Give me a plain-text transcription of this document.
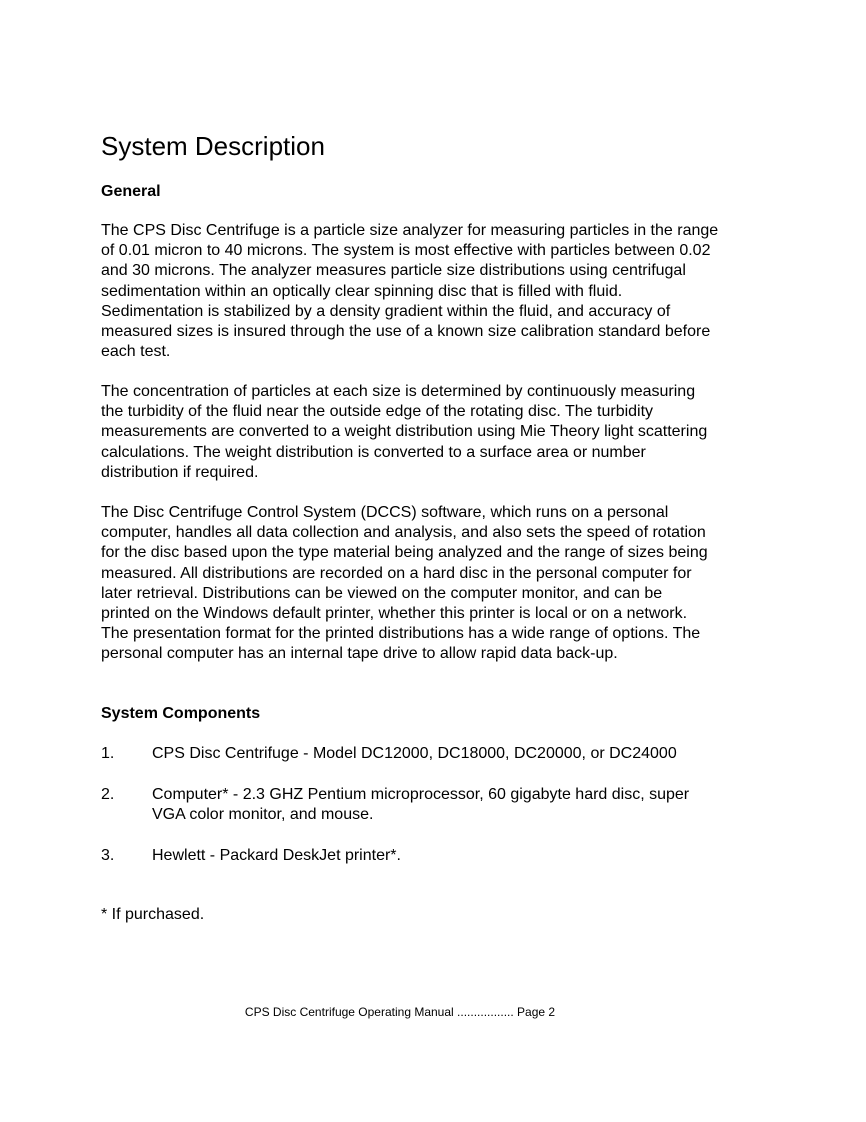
System Description
General

The CPS Disc Centrifuge is a particle size analyzer for measuring particles in the range
of 0.01 micron to 40 microns. The system is most effective with particles between 0.02
and 30 microns. The analyzer measures particle size distributions using centrifugal
sedimentation within an optically clear spinning disc that is filled with fluid.
Sedimentation is stabilized by a density gradient within the fluid, and accuracy of
measured sizes is insured through the use of a known size calibration standard before
each test.

The concentration of particles at each size is determined by continuously measuring
the turbidity of the fluid near the outside edge of the rotating disc. The turbidity
measurements are converted to a weight distribution using Mie Theory light scattering
calculations. The weight distribution is converted to a surface area or number
distribution if required.

The Disc Centrifuge Control System (DCCS) software, which runs on a personal
computer, handles all data collection and analysis, and also sets the speed of rotation
for the disc based upon the type material being analyzed and the range of sizes being
measured. All distributions are recorded on a hard disc in the personal computer for
later retrieval. Distributions can be viewed on the computer monitor, and can be
printed on the Windows default printer, whether this printer is local or on a network.
The presentation format for the printed distributions has a wide range of options. The
personal computer has an internal tape drive to allow rapid data back-up.

System Components
1. CPS Disc Centrifuge - Model DC12000, DC18000, DC20000, or DC24000
2. Computer* - 2.3 GHZ Pentium microprocessor, 60 gigabyte hard disc, super
VGA color monitor, and mouse.
3. Hewlett - Packard DeskJet printer*.

* If purchased.

CPS Disc Centrifuge Operating Manual ................. Page 2
